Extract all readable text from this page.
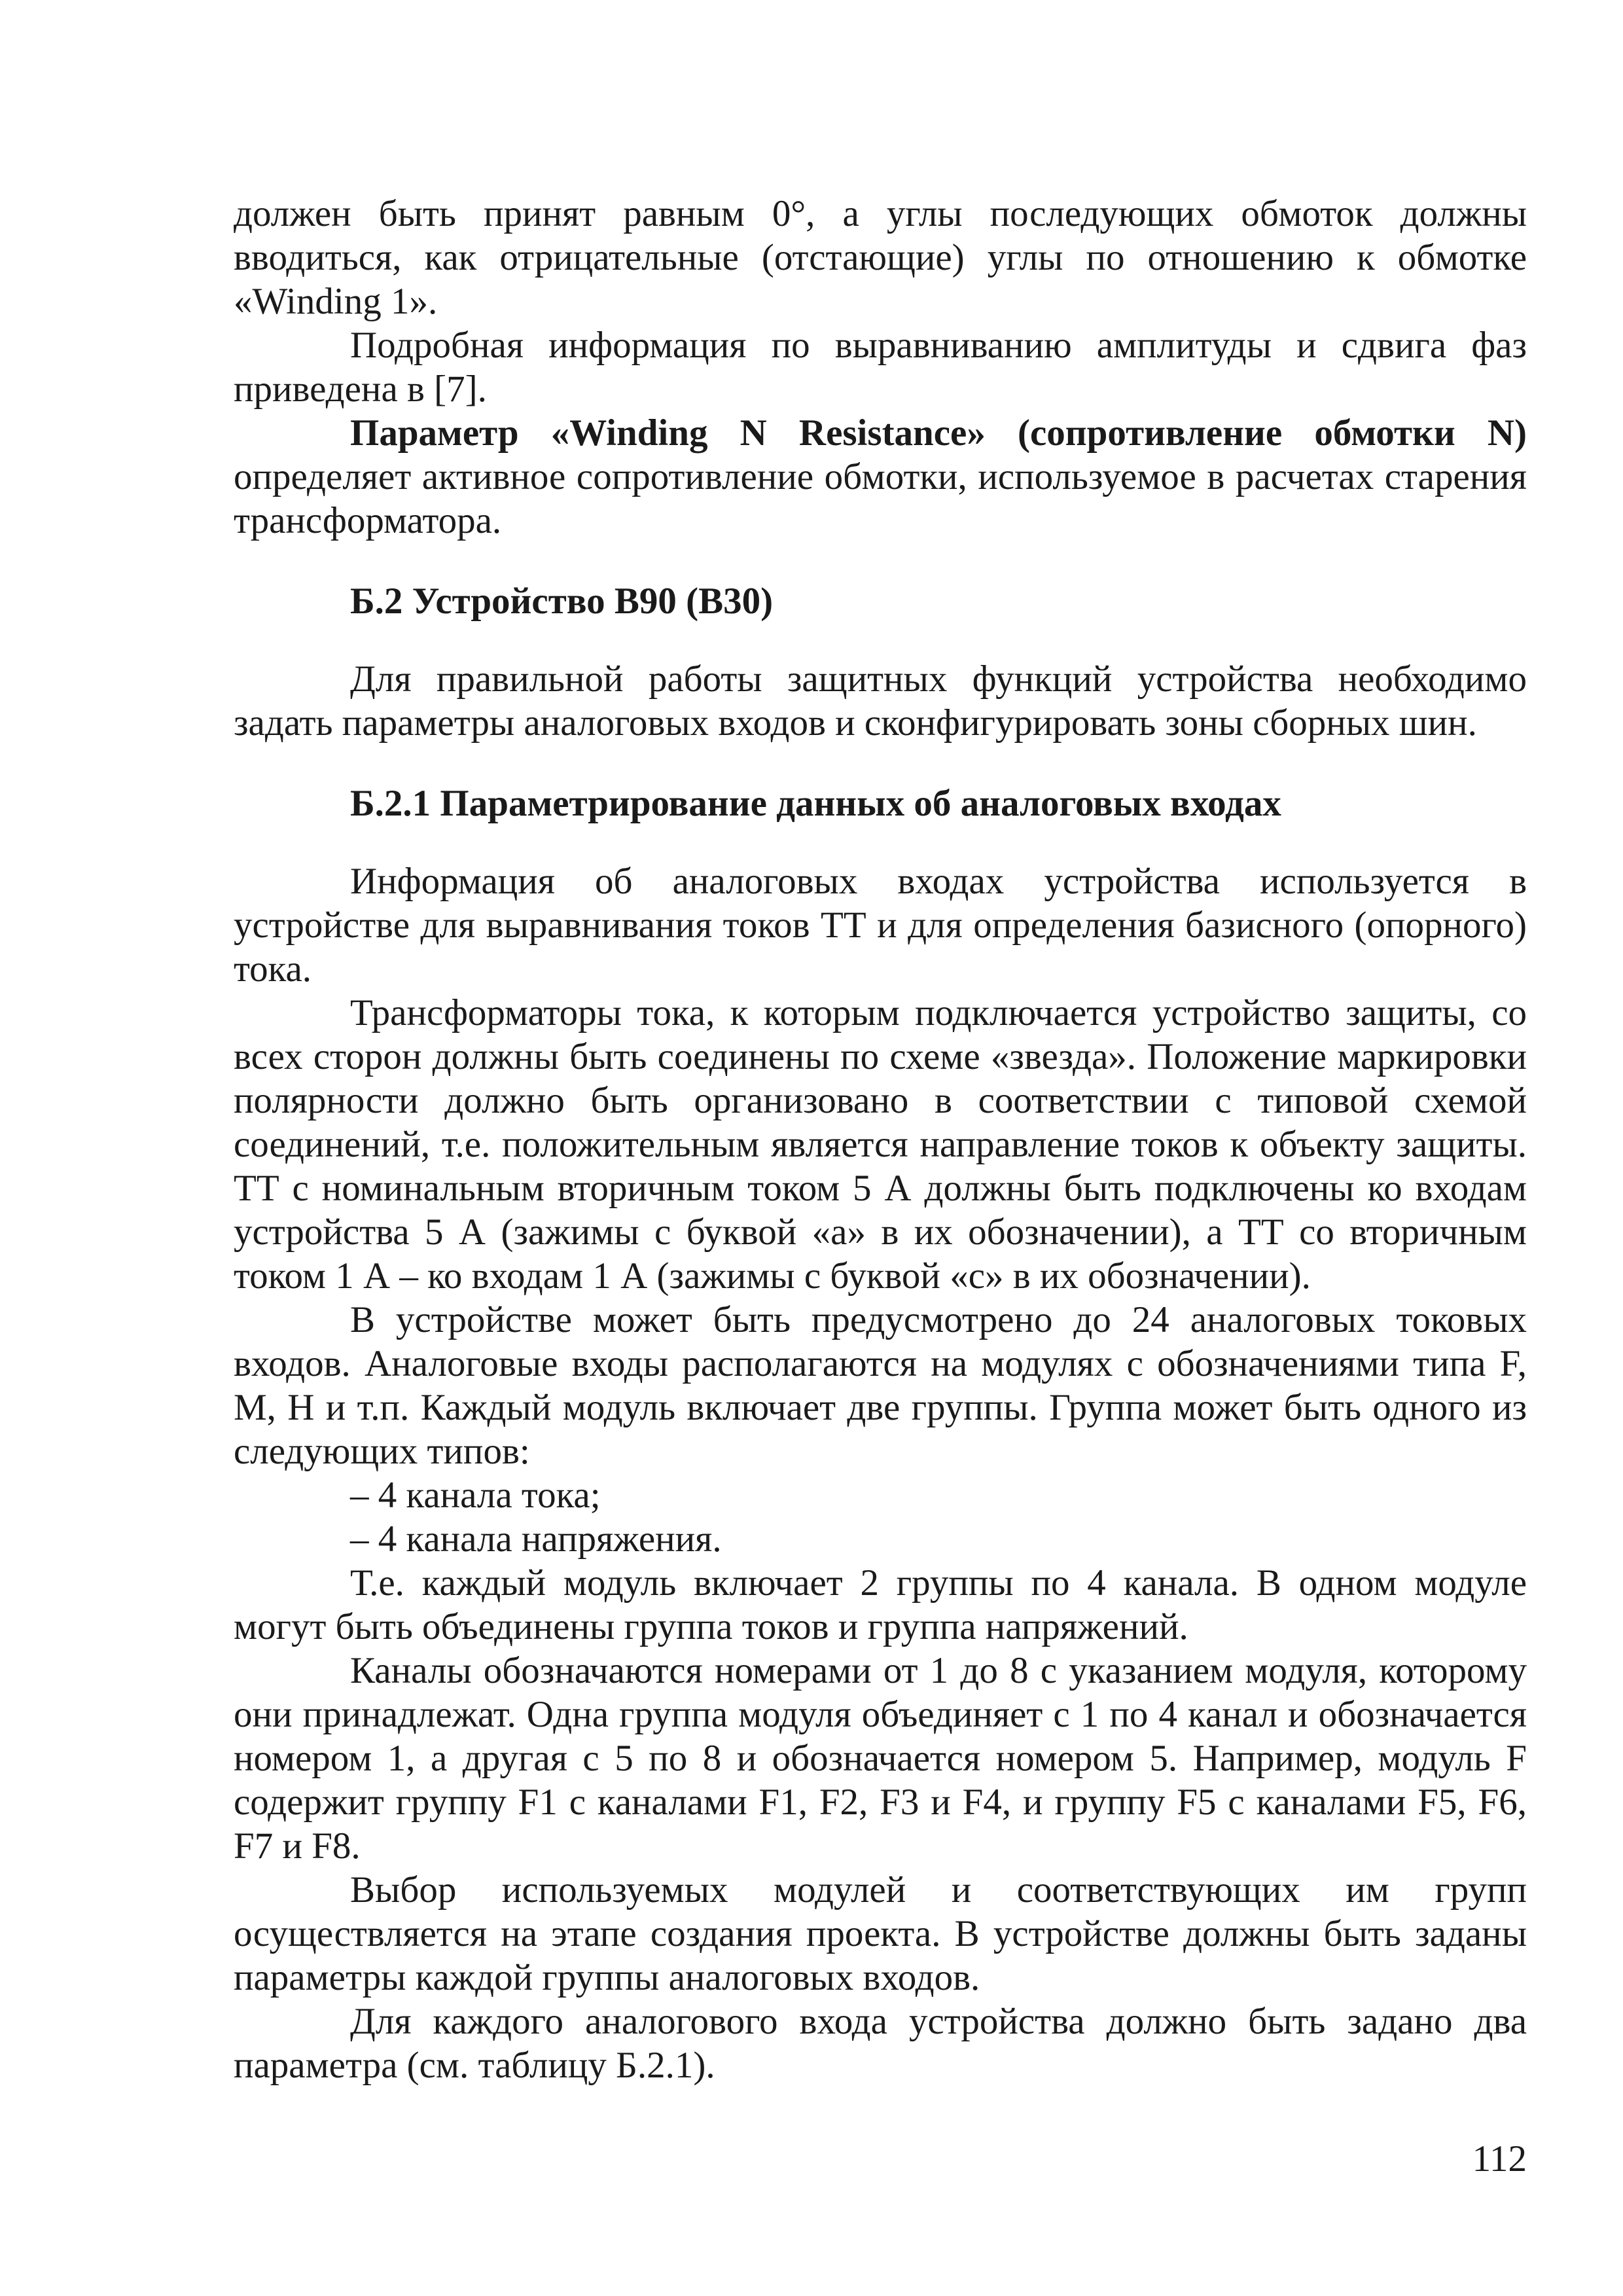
должен быть принят равным 0°, а углы последующих обмоток должны вводиться, как отрицательные (отстающие) углы по отношению к обмотке «Winding 1».

Подробная информация по выравниванию амплитуды и сдвига фаз приведена в [7].

Параметр «Winding N Resistance» (сопротивление обмотки N) определяет активное сопротивление обмотки, используемое в расчетах старения трансформатора.

Б.2 Устройство B90 (B30)

Для правильной работы защитных функций устройства необходимо задать параметры аналоговых входов и сконфигурировать зоны сборных шин.

Б.2.1 Параметрирование данных об аналоговых входах

Информация об аналоговых входах устройства используется в устройстве для выравнивания токов ТТ и для определения базисного (опорного) тока.

Трансформаторы тока, к которым подключается устройство защиты, со всех сторон должны быть соединены по схеме «звезда». Положение маркировки полярности должно быть организовано в соответствии с типовой схемой соединений, т.е. положительным является направление токов к объекту защиты. ТТ с номинальным вторичным током 5 А должны быть подключены ко входам устройства 5 А (зажимы с буквой «а» в их обозначении), а ТТ со вторичным током 1 А – ко входам 1 А (зажимы с буквой «с» в их обозначении).

В устройстве может быть предусмотрено до 24 аналоговых токовых входов. Аналоговые входы располагаются на модулях с обозначениями типа F, M, H и т.п. Каждый модуль включает две группы. Группа может быть одного из следующих типов:

– 4 канала тока;

– 4 канала напряжения.

Т.е. каждый модуль включает 2 группы по 4 канала. В одном модуле могут быть объединены группа токов и группа напряжений.

Каналы обозначаются номерами от 1 до 8 с указанием модуля, которому они принадлежат. Одна группа модуля объединяет с 1 по 4 канал и обозначается номером 1, а другая с 5 по 8 и обозначается номером 5. Например, модуль F содержит группу F1 с каналами F1, F2, F3 и F4, и группу F5 с каналами F5, F6, F7 и F8.

Выбор используемых модулей и соответствующих им групп осуществляется на этапе создания проекта. В устройстве должны быть заданы параметры каждой группы аналоговых входов.

Для каждого аналогового входа устройства должно быть задано два параметра (см. таблицу Б.2.1).

112
